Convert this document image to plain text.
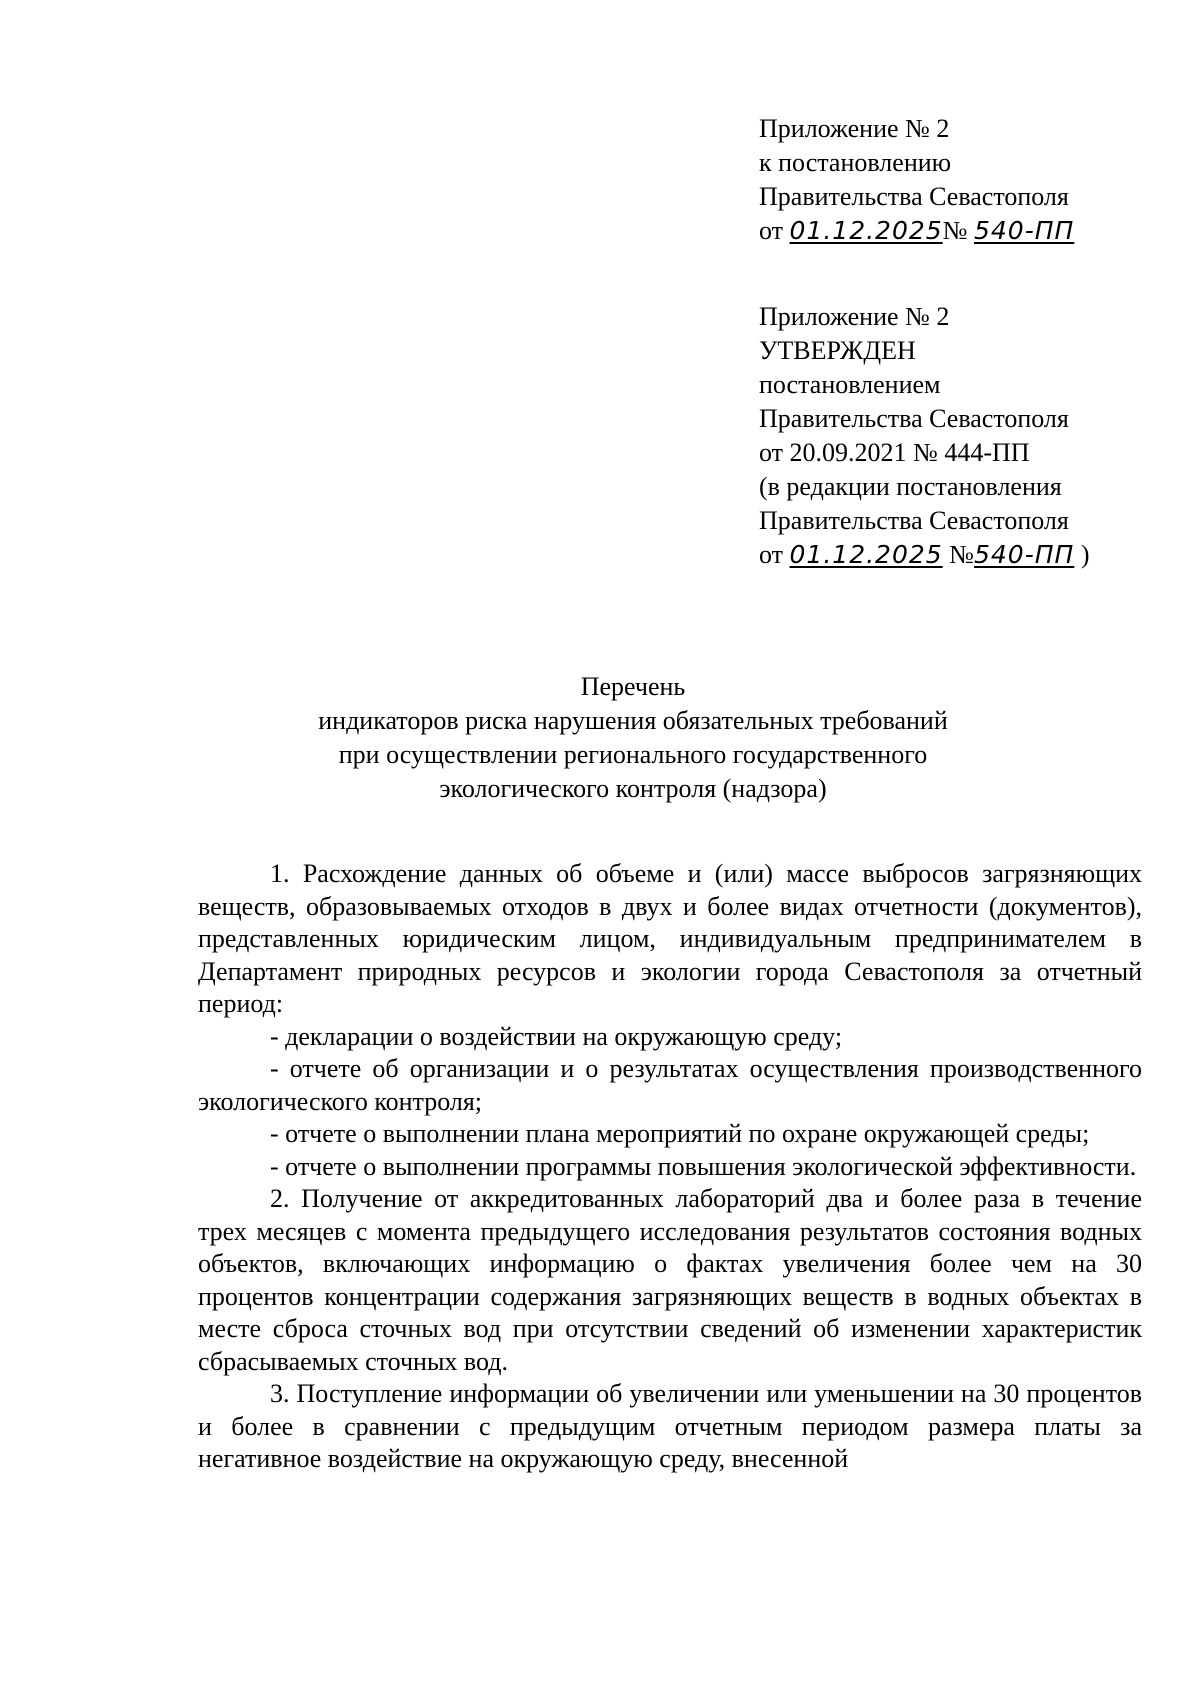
Приложение № 2
к постановлению
Правительства Севастополя
от 01.12.2025№ 540-ПП
Приложение № 2
УТВЕРЖДЕН
постановлением
Правительства Севастополя
от 20.09.2021 № 444-ПП
(в редакции постановления
Правительства Севастополя
от 01.12.2025 №540-ПП )
Перечень
индикаторов риска нарушения обязательных требований
при осуществлении регионального государственного
экологического контроля (надзора)

1. Расхождение данных об объеме и (или) массе выбросов загрязняющих веществ, образовываемых отходов в двух и более видах отчетности (документов), представленных юридическим лицом, индивидуальным предпринимателем в Департамент природных ресурсов и экологии города Севастополя за отчетный период:

- декларации о воздействии на окружающую среду;

- отчете об организации и о результатах осуществления производственного экологического контроля;

- отчете о выполнении плана мероприятий по охране окружающей среды;

- отчете о выполнении программы повышения экологической эффективности.

2. Получение от аккредитованных лабораторий два и более раза в течение трех месяцев с момента предыдущего исследования результатов состояния водных объектов, включающих информацию о фактах увеличения более чем на 30 процентов концентрации содержания загрязняющих веществ в водных объектах в месте сброса сточных вод при отсутствии сведений об изменении характеристик сбрасываемых сточных вод.

3. Поступление информации об увеличении или уменьшении на 30 процентов и более в сравнении с предыдущим отчетным периодом размера платы за негативное воздействие на окружающую среду, внесенной
